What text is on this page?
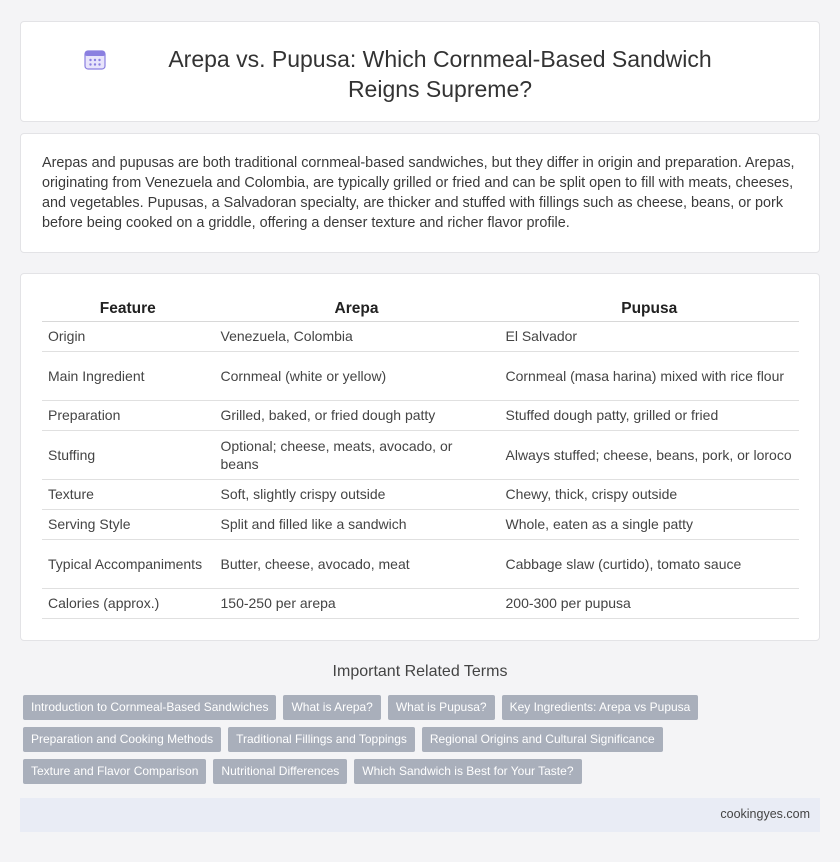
Arepa vs. Pupusa: Which Cornmeal-Based Sandwich Reigns Supreme?

Arepas and pupusas are both traditional cornmeal-based sandwiches, but they differ in origin and preparation. Arepas, originating from Venezuela and Colombia, are typically grilled or fried and can be split open to fill with meats, cheeses, and vegetables. Pupusas, a Salvadoran specialty, are thicker and stuffed with fillings such as cheese, beans, or pork before being cooked on a griddle, offering a denser texture and richer flavor profile.

Feature	Arepa	Pupusa
Origin	Venezuela, Colombia	El Salvador
Main Ingredient	Cornmeal (white or yellow)	Cornmeal (masa harina) mixed with rice flour
Preparation	Grilled, baked, or fried dough patty	Stuffed dough patty, grilled or fried
Stuffing	Optional; cheese, meats, avocado, or beans	Always stuffed; cheese, beans, pork, or loroco
Texture	Soft, slightly crispy outside	Chewy, thick, crispy outside
Serving Style	Split and filled like a sandwich	Whole, eaten as a single patty
Typical Accompaniments	Butter, cheese, avocado, meat	Cabbage slaw (curtido), tomato sauce
Calories (approx.)	150-250 per arepa	200-300 per pupusa
Important Related Terms
Introduction to Cornmeal-Based Sandwiches	What is Arepa?	What is Pupusa?	Key Ingredients: Arepa vs Pupusa
Preparation and Cooking Methods	Traditional Fillings and Toppings	Regional Origins and Cultural Significance
Texture and Flavor Comparison	Nutritional Differences	Which Sandwich is Best for Your Taste?
cookingyes.com
